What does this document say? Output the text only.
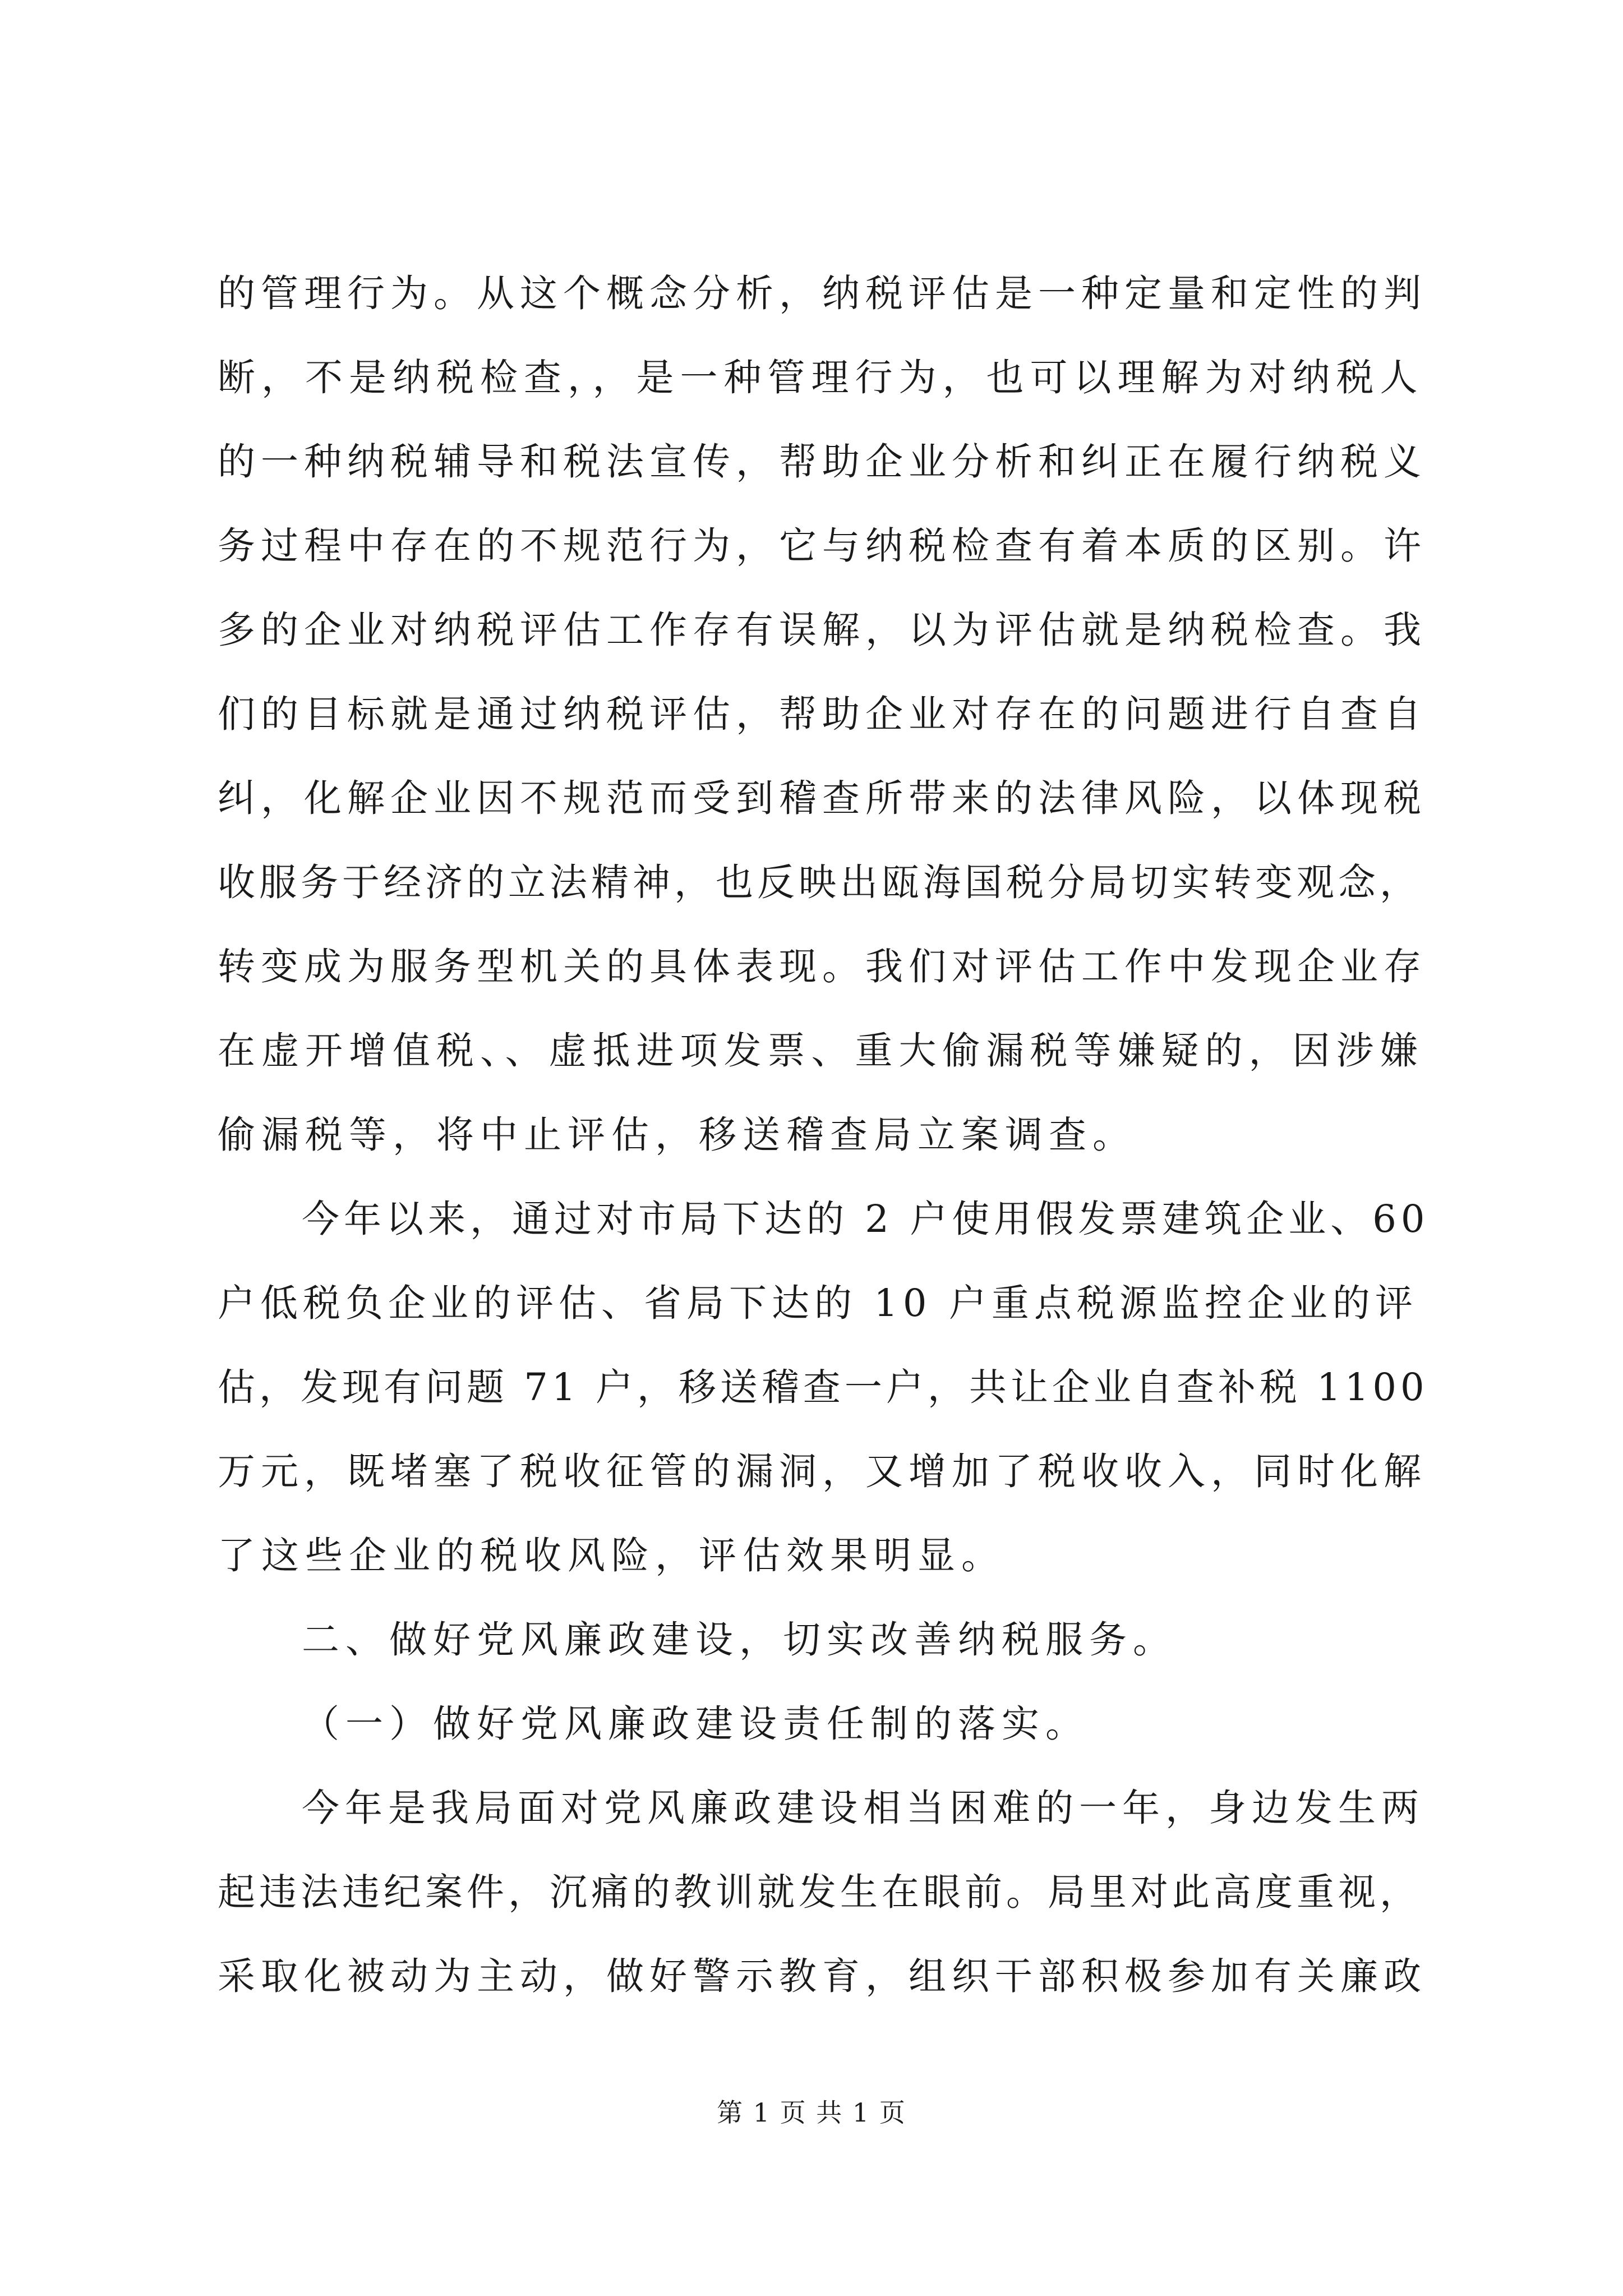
的管理行为。从这个概念分析，纳税评估是一种定量和定性的判
断，不是纳税检查，，是一种管理行为，也可以理解为对纳税人
的一种纳税辅导和税法宣传，帮助企业分析和纠正在履行纳税义
务过程中存在的不规范行为，它与纳税检查有着本质的区别。许
多的企业对纳税评估工作存有误解，以为评估就是纳税检查。我
们的目标就是通过纳税评估，帮助企业对存在的问题进行自查自
纠，化解企业因不规范而受到稽查所带来的法律风险，以体现税
收服务于经济的立法精神，也反映出瓯海国税分局切实转变观念，
转变成为服务型机关的具体表现。我们对评估工作中发现企业存
在虚开增值税、、虚抵进项发票、重大偷漏税等嫌疑的，因涉嫌
偷漏税等，将中止评估，移送稽查局立案调查。
今年以来，通过对市局下达的 2 户使用假发票建筑企业、60
户低税负企业的评估、省局下达的 10 户重点税源监控企业的评
估，发现有问题 71 户，移送稽查一户，共让企业自查补税 1100
万元，既堵塞了税收征管的漏洞，又增加了税收收入，同时化解
了这些企业的税收风险，评估效果明显。
二、做好党风廉政建设，切实改善纳税服务。
（一）做好党风廉政建设责任制的落实。
今年是我局面对党风廉政建设相当困难的一年，身边发生两
起违法违纪案件，沉痛的教训就发生在眼前。局里对此高度重视，
采取化被动为主动，做好警示教育，组织干部积极参加有关廉政
第 1 页 共 1 页
